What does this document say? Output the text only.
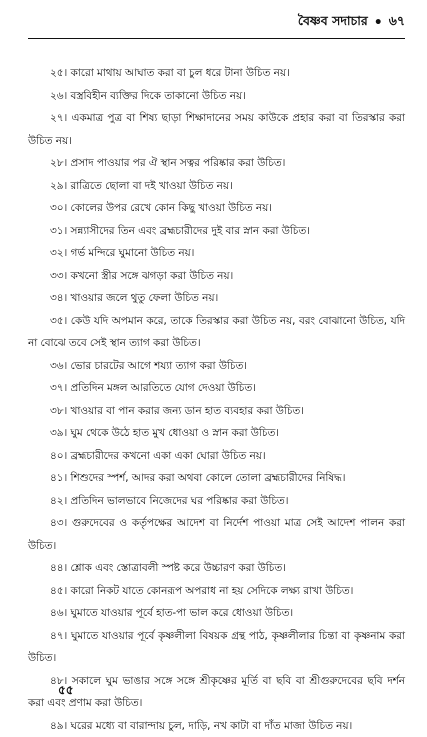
বৈষ্ণব সদাচার • ৬৭
২৫। কারো মাথায় আঘাত করা বা চুল ধরে টানা উচিত নয়।
২৬। বস্ত্রবিহীন ব্যক্তির দিকে তাকানো উচিত নয়।
২৭। একমাত্র পুত্র বা শিষ্য ছাড়া শিক্ষাদানের সময় কাউকে প্রহার করা বা তিরস্কার করা উচিত নয়।
২৮। প্রসাদ পাওয়ার পর ঐ স্থান সত্বর পরিষ্কার করা উচিত।
২৯। রাত্রিতে ছোলা বা দই খাওয়া উচিত নয়।
৩০। কোলের উপর রেখে কোন কিছু খাওয়া উচিত নয়।
৩১। সন্ন্যাসীদের তিন এবং ব্রহ্মচারীদের দুই বার স্নান করা উচিত।
৩২। গর্ভ মন্দিরে ঘুমানো উচিত নয়।
৩৩। কখনো স্ত্রীর সঙ্গে ঝগড়া করা উচিত নয়।
৩৪। খাওয়ার জলে থুতু ফেলা উচিত নয়।
৩৫। কেউ যদি অপমান করে, তাকে তিরস্কার করা উচিত নয়, বরং বোঝানো উচিত, যদি না বোঝে তবে সেই স্থান ত্যাগ করা উচিত।
৩৬। ভোর চারটের আগে শয্যা ত্যাগ করা উচিত।
৩৭। প্রতিদিন মঙ্গল আরতিতে যোগ দেওয়া উচিত।
৩৮। খাওয়ার বা পান করার জন্য ডান হাত ব্যবহার করা উচিত।
৩৯। ঘুম থেকে উঠে হাত মুখ ধোওয়া ও স্নান করা উচিত।
৪০। ব্রহ্মচারীদের কখনো একা একা ঘোরা উচিত নয়।
৪১। শিশুদের স্পর্শ, আদর করা অথবা কোলে তোলা ব্রহ্মচারীদের নিষিদ্ধ।
৪২। প্রতিদিন ভালভাবে নিজেদের ঘর পরিষ্কার করা উচিত।
৪৩। গুরুদেবের ও কর্তৃপক্ষের আদেশ বা নির্দেশ পাওয়া মাত্র সেই আদেশ পালন করা উচিত।
৪৪। শ্লোক এবং স্তোত্রাবলী স্পষ্ট করে উচ্চারণ করা উচিত।
৪৫। কারো নিকট যাতে কোনরূপ অপরাধ না হয় সেদিকে লক্ষ্য রাখা উচিত।
৪৬। ঘুমাতে যাওয়ার পূর্বে হাত-পা ভাল করে ধোওয়া উচিত।
৪৭। ঘুমাতে যাওয়ার পূর্বে কৃষ্ণলীলা বিষয়ক গ্রন্থ পাঠ, কৃষ্ণলীলার চিন্তা বা কৃষ্ণনাম করা উচিত।
৪৮। সকালে ঘুম ভাঙার সঙ্গে সঙ্গে শ্রীকৃষ্ণের মূর্তি বা ছবি বা শ্রীগুরুদেবের ছবি দর্শন করা এবং প্রণাম করা উচিত।
৪৯। ঘরের মধ্যে বা বারান্দায় চুল, দাড়ি, নখ কাটা বা দাঁত মাজা উচিত নয়।
৫৫
